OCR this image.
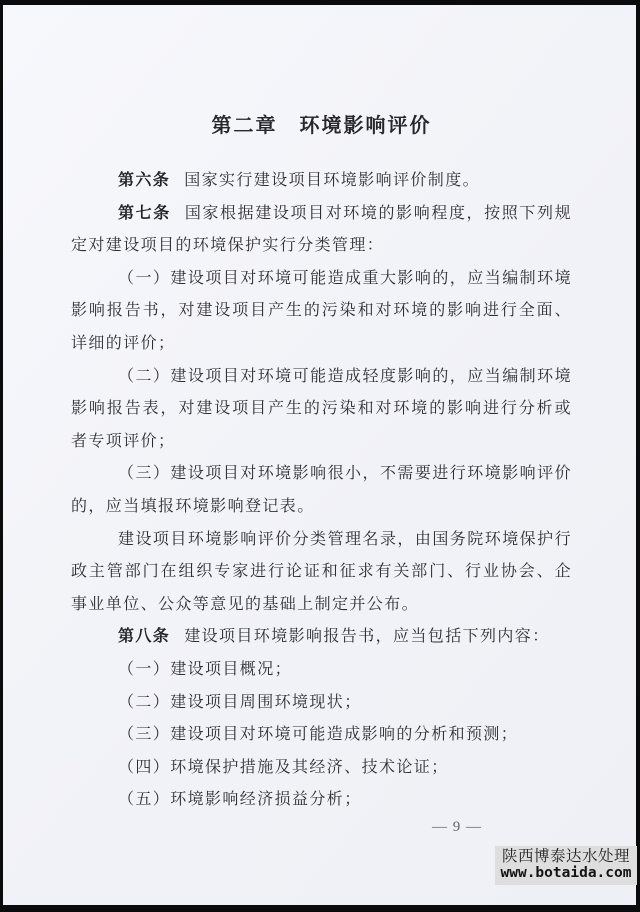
第二章　环境影响评价

第六条 国家实行建设项目环境影响评价制度。

第七条 国家根据建设项目对环境的影响程度，按照下列规定对建设项目的环境保护实行分类管理：

（一）建设项目对环境可能造成重大影响的，应当编制环境影响报告书，对建设项目产生的污染和对环境的影响进行全面、详细的评价；

（二）建设项目对环境可能造成轻度影响的，应当编制环境影响报告表，对建设项目产生的污染和对环境的影响进行分析或者专项评价；

（三）建设项目对环境影响很小，不需要进行环境影响评价的，应当填报环境影响登记表。

建设项目环境影响评价分类管理名录，由国务院环境保护行政主管部门在组织专家进行论证和征求有关部门、行业协会、企事业单位、公众等意见的基础上制定并公布。

第八条 建设项目环境影响报告书，应当包括下列内容：

（一）建设项目概况；

（二）建设项目周围环境现状；

（三）建设项目对环境可能造成影响的分析和预测；

（四）环境保护措施及其经济、技术论证；

（五）环境影响经济损益分析；

— 9 —
陕西博泰达水处理
www.botaida.com
